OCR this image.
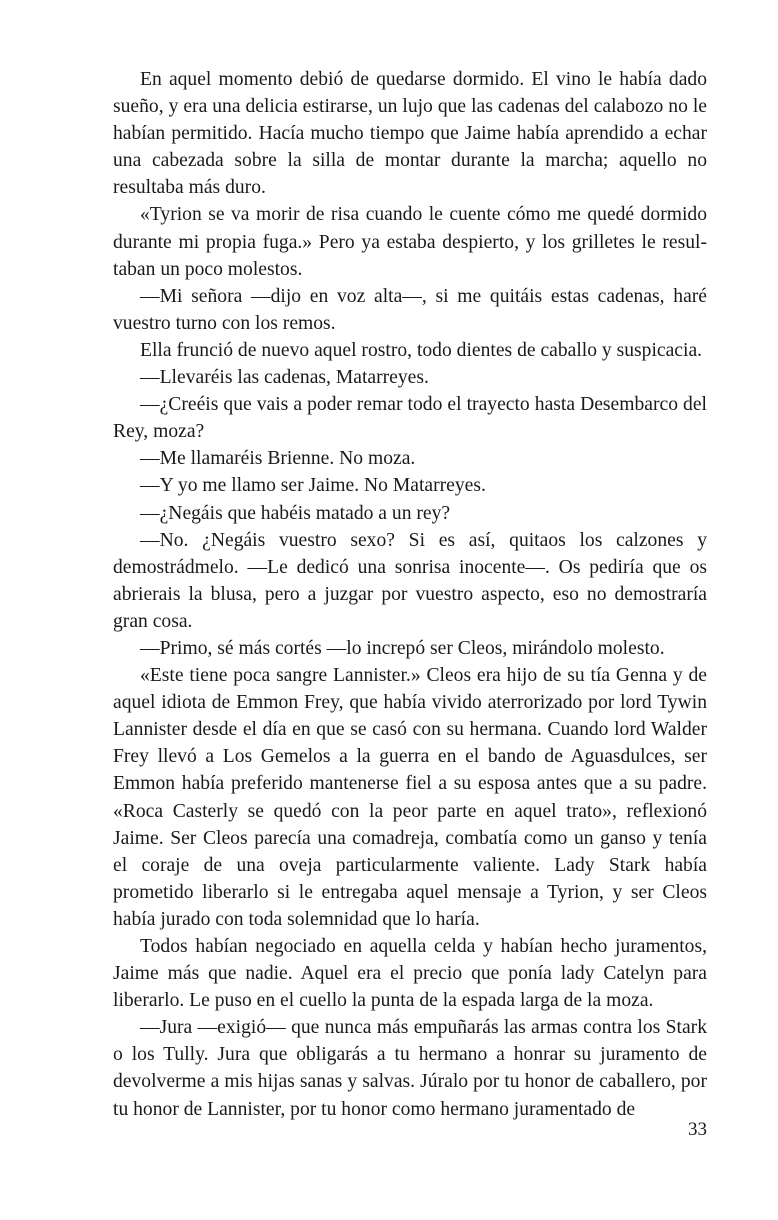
En aquel momento debió de quedarse dormido. El vino le había dado sueño, y era una delicia estirarse, un lujo que las cadenas del calabozo no le habían permitido. Hacía mucho tiempo que Jaime había aprendido a echar una cabezada sobre la silla de montar durante la marcha; aquello no resultaba más duro.

«Tyrion se va morir de risa cuando le cuente cómo me quedé dormido durante mi propia fuga.» Pero ya estaba despierto, y los grilletes le resultaban un poco molestos.

—Mi señora —dijo en voz alta—, si me quitáis estas cadenas, haré vuestro turno con los remos.

Ella frunció de nuevo aquel rostro, todo dientes de caballo y suspicacia.

—Llevaréis las cadenas, Matarreyes.

—¿Creéis que vais a poder remar todo el trayecto hasta Desembarco del Rey, moza?

—Me llamaréis Brienne. No moza.

—Y yo me llamo ser Jaime. No Matarreyes.

—¿Negáis que habéis matado a un rey?

—No. ¿Negáis vuestro sexo? Si es así, quitaos los calzones y demostrádmelo. —Le dedicó una sonrisa inocente—. Os pediría que os abrierais la blusa, pero a juzgar por vuestro aspecto, eso no demostraría gran cosa.

—Primo, sé más cortés —lo increpó ser Cleos, mirándolo molesto.

«Este tiene poca sangre Lannister.» Cleos era hijo de su tía Genna y de aquel idiota de Emmon Frey, que había vivido aterrorizado por lord Tywin Lannister desde el día en que se casó con su hermana. Cuando lord Walder Frey llevó a Los Gemelos a la guerra en el bando de Aguasdulces, ser Emmon había preferido mantenerse fiel a su esposa antes que a su padre. «Roca Casterly se quedó con la peor parte en aquel trato», reflexionó Jaime. Ser Cleos parecía una comadreja, combatía como un ganso y tenía el coraje de una oveja particularmente valiente. Lady Stark había prometido liberarlo si le entregaba aquel mensaje a Tyrion, y ser Cleos había jurado con toda solemnidad que lo haría.

Todos habían negociado en aquella celda y habían hecho juramentos, Jaime más que nadie. Aquel era el precio que ponía lady Catelyn para liberarlo. Le puso en el cuello la punta de la espada larga de la moza.

—Jura —exigió— que nunca más empuñarás las armas contra los Stark o los Tully. Jura que obligarás a tu hermano a honrar su juramento de devolverme a mis hijas sanas y salvas. Júralo por tu honor de caballero, por tu honor de Lannister, por tu honor como hermano juramentado de

33
